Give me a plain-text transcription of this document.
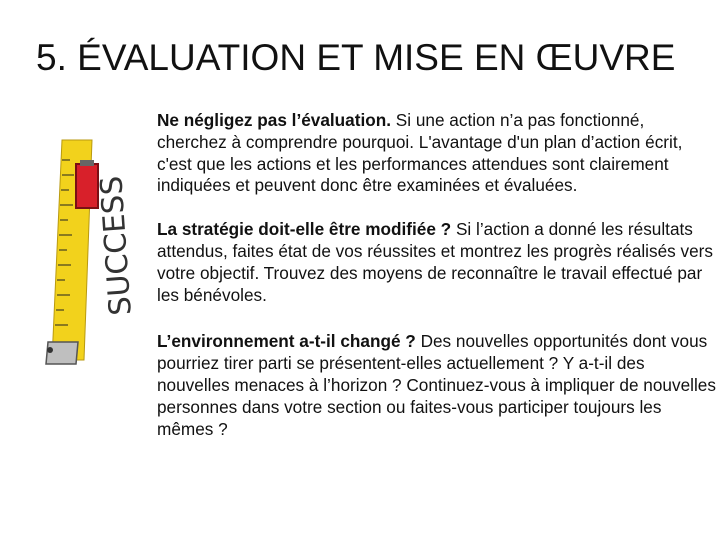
5. ÉVALUATION ET MISE EN ŒUVRE
SUCCESS

Ne négligez pas l’évaluation. Si une action n’a pas fonctionné, cherchez à comprendre pourquoi. L'avantage d'un plan d’action écrit, c'est que les actions et les performances attendues sont clairement indiquées et peuvent donc être examinées et évaluées.

La stratégie doit-elle être modifiée ? Si l’action a donné les résultats attendus, faites état de vos réussites et montrez les progrès réalisés vers votre objectif. Trouvez des moyens de reconnaître le travail effectué par les bénévoles.

L’environnement a-t-il changé ? Des nouvelles opportunités dont vous pourriez tirer parti se présentent-elles actuellement ? Y a-t-il des nouvelles menaces à l’horizon ? Continuez-vous à impliquer de nouvelles personnes dans votre section ou faites-vous participer toujours les mêmes ?
